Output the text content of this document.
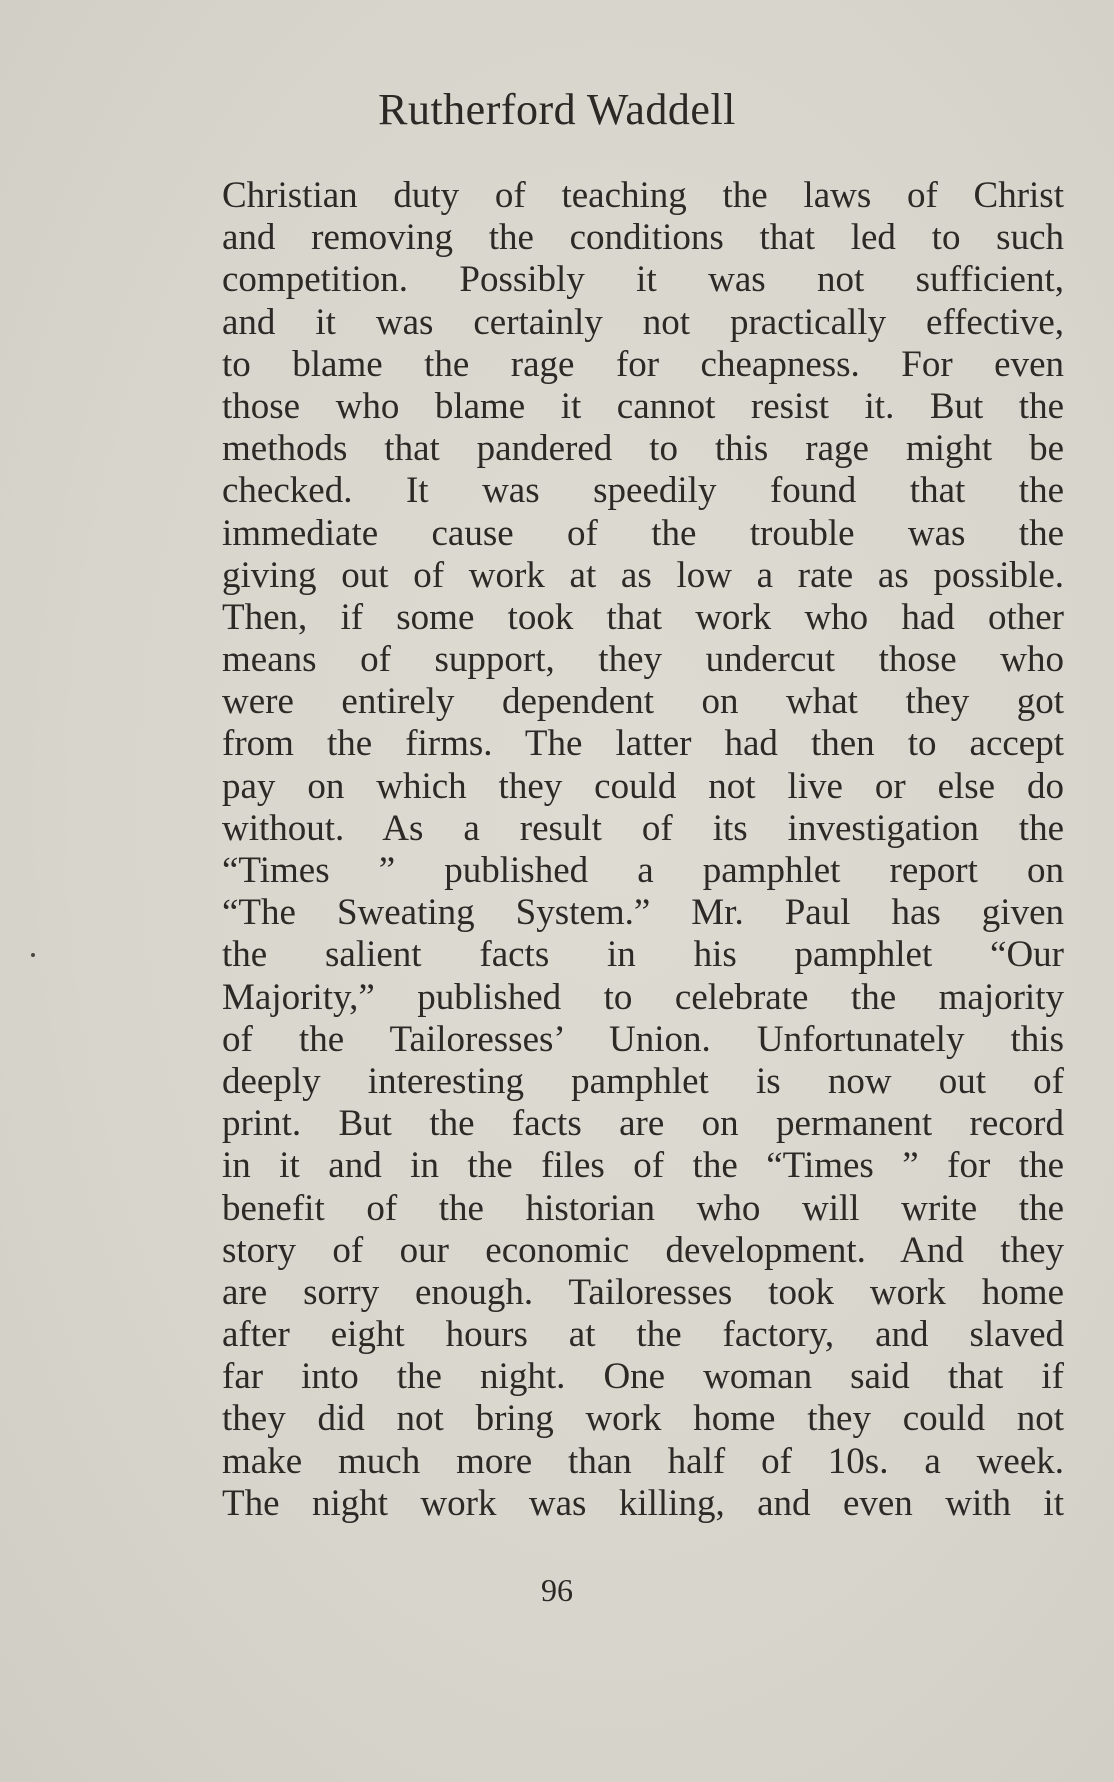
Rutherford Waddell
Christian duty of teaching the laws of Christ
and removing the conditions that led to such
competition. Possibly it was not sufficient,
and it was certainly not practically effective,
to blame the rage for cheapness. For even
those who blame it cannot resist it. But the
methods that pandered to this rage might be
checked. It was speedily found that the
immediate cause of the trouble was the
giving out of work at as low a rate as possible.
Then, if some took that work who had other
means of support, they undercut those who
were entirely dependent on what they got
from the firms. The latter had then to accept
pay on which they could not live or else do
without. As a result of its investigation the
“Times ” published a pamphlet report on
“The Sweating System.” Mr. Paul has given
the salient facts in his pamphlet “Our
Majority,” published to celebrate the majority
of the Tailoresses’ Union. Unfortunately this
deeply interesting pamphlet is now out of
print. But the facts are on permanent record
in it and in the files of the “Times ” for the
benefit of the historian who will write the
story of our economic development. And they
are sorry enough. Tailoresses took work home
after eight hours at the factory, and slaved
far into the night. One woman said that if
they did not bring work home they could not
make much more than half of 10s. a week.
The night work was killing, and even with it
96
